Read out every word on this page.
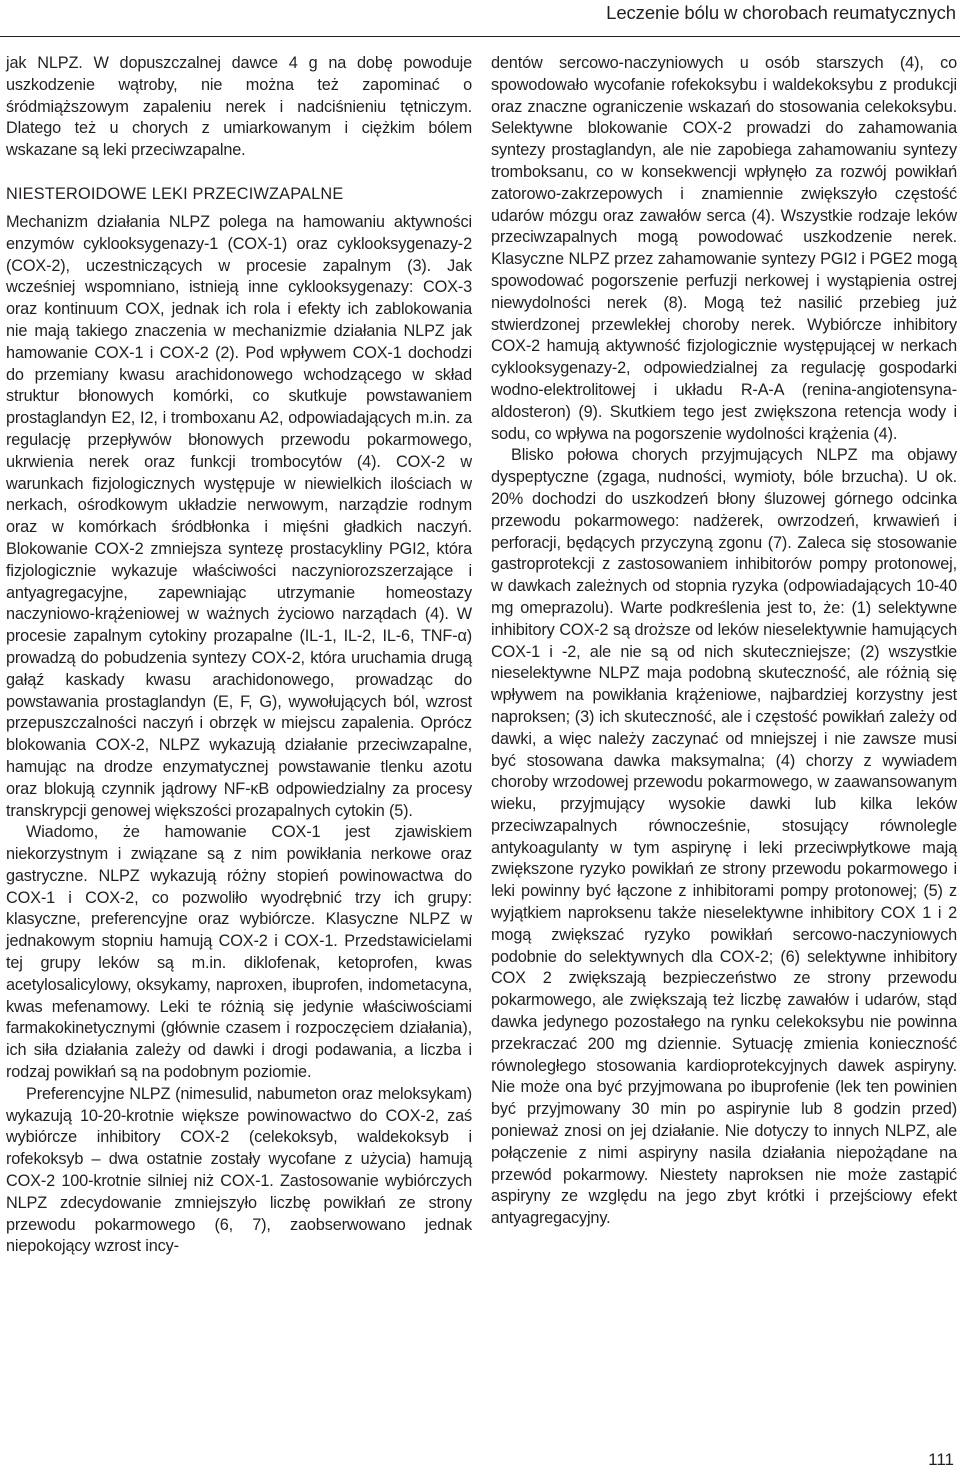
Leczenie bólu w chorobach reumatycznych

jak NLPZ. W dopuszczalnej dawce 4 g na dobę powoduje uszkodzenie wątroby, nie można też zapominać o śródmiąższowym zapaleniu nerek i nadciśnieniu tętniczym. Dlatego też u chorych z umiarkowanym i ciężkim bólem wskazane są leki przeciwzapalne.

NIESTEROIDOWE LEKI PRZECIWZAPALNE

Mechanizm działania NLPZ polega na hamowaniu aktywności enzymów cyklooksygenazy-1 (COX-1) oraz cyklooksygenazy-2 (COX-2), uczestniczących w procesie zapalnym (3). Jak wcześniej wspomniano, istnieją inne cyklooksygenazy: COX-3 oraz kontinuum COX, jednak ich rola i efekty ich zablokowania nie mają takiego znaczenia w mechanizmie działania NLPZ jak hamowanie COX-1 i COX-2 (2). Pod wpływem COX-1 dochodzi do przemiany kwasu arachidonowego wchodzącego w skład struktur błonowych komórki, co skutkuje powstawaniem prostaglandyn E2, I2, i tromboxanu A2, odpowiadających m.in. za regulację przepływów błonowych przewodu pokarmowego, ukrwienia nerek oraz funkcji trombocytów (4). COX-2 w warunkach fizjologicznych występuje w niewielkich ilościach w nerkach, ośrodkowym układzie nerwowym, narządzie rodnym oraz w komórkach śródbłonka i mięśni gładkich naczyń. Blokowanie COX-2 zmniejsza syntezę prostacykliny PGI2, która fizjologicznie wykazuje właściwości naczyniorozszerzające i antyagregacyjne, zapewniając utrzymanie homeostazy naczyniowo-krążeniowej w ważnych życiowo narządach (4). W procesie zapalnym cytokiny prozapalne (IL-1, IL-2, IL-6, TNF-α) prowadzą do pobudzenia syntezy COX-2, która uruchamia drugą gałąź kaskady kwasu arachidonowego, prowadząc do powstawania prostaglandyn (E, F, G), wywołujących ból, wzrost przepuszczalności naczyń i obrzęk w miejscu zapalenia. Oprócz blokowania COX-2, NLPZ wykazują działanie przeciwzapalne, hamując na drodze enzymatycznej powstawanie tlenku azotu oraz blokują czynnik jądrowy NF-κB odpowiedzialny za procesy transkrypcji genowej większości prozapalnych cytokin (5).

Wiadomo, że hamowanie COX-1 jest zjawiskiem niekorzystnym i związane są z nim powikłania nerkowe oraz gastryczne. NLPZ wykazują różny stopień powinowactwa do COX-1 i COX-2, co pozwoliło wyodrębnić trzy ich grupy: klasyczne, preferencyjne oraz wybiórcze. Klasyczne NLPZ w jednakowym stopniu hamują COX-2 i COX-1. Przedstawicielami tej grupy leków są m.in. diklofenak, ketoprofen, kwas acetylosalicylowy, oksykamy, naproxen, ibuprofen, indometacyna, kwas mefenamowy. Leki te różnią się jedynie właściwościami farmakokinetycznymi (głównie czasem i rozpoczęciem działania), ich siła działania zależy od dawki i drogi podawania, a liczba i rodzaj powikłań są na podobnym poziomie.

Preferencyjne NLPZ (nimesulid, nabumeton oraz meloksykam) wykazują 10-20-krotnie większe powinowactwo do COX-2, zaś wybiórcze inhibitory COX-2 (celekoksyb, waldekoksyb i rofekoksyb – dwa ostatnie zostały wycofane z użycia) hamują COX-2 100-krotnie silniej niż COX-1. Zastosowanie wybiórczych NLPZ zdecydowanie zmniejszyło liczbę powikłań ze strony przewodu pokarmowego (6, 7), zaobserwowano jednak niepokojący wzrost incy-

dentów sercowo-naczyniowych u osób starszych (4), co spowodowało wycofanie rofekoksybu i waldekoksybu z produkcji oraz znaczne ograniczenie wskazań do stosowania celekoksybu. Selektywne blokowanie COX-2 prowadzi do zahamowania syntezy prostaglandyn, ale nie zapobiega zahamowaniu syntezy tromboksanu, co w konsekwencji wpłynęło za rozwój powikłań zatorowo-zakrzepowych i znamiennie zwiększyło częstość udarów mózgu oraz zawałów serca (4). Wszystkie rodzaje leków przeciwzapalnych mogą powodować uszkodzenie nerek. Klasyczne NLPZ przez zahamowanie syntezy PGI2 i PGE2 mogą spowodować pogorszenie perfuzji nerkowej i wystąpienia ostrej niewydolności nerek (8). Mogą też nasilić przebieg już stwierdzonej przewlekłej choroby nerek. Wybiórcze inhibitory COX-2 hamują aktywność fizjologicznie występującej w nerkach cyklooksygenazy-2, odpowiedzialnej za regulację gospodarki wodno-elektrolitowej i układu R-A-A (renina-angiotensyna-aldosteron) (9). Skutkiem tego jest zwiększona retencja wody i sodu, co wpływa na pogorszenie wydolności krążenia (4).

Blisko połowa chorych przyjmujących NLPZ ma objawy dyspeptyczne (zgaga, nudności, wymioty, bóle brzucha). U ok. 20% dochodzi do uszkodzeń błony śluzowej górnego odcinka przewodu pokarmowego: nadżerek, owrzodzeń, krwawień i perforacji, będących przyczyną zgonu (7). Zaleca się stosowanie gastroprotekcji z zastosowaniem inhibitorów pompy protonowej, w dawkach zależnych od stopnia ryzyka (odpowiadających 10-40 mg omeprazolu). Warte podkreślenia jest to, że: (1) selektywne inhibitory COX-2 są droższe od leków nieselektywnie hamujących COX-1 i -2, ale nie są od nich skuteczniejsze; (2) wszystkie nieselektywne NLPZ maja podobną skuteczność, ale różnią się wpływem na powikłania krążeniowe, najbardziej korzystny jest naproksen; (3) ich skuteczność, ale i częstość powikłań zależy od dawki, a więc należy zaczynać od mniejszej i nie zawsze musi być stosowana dawka maksymalna; (4) chorzy z wywiadem choroby wrzodowej przewodu pokarmowego, w zaawansowanym wieku, przyjmujący wysokie dawki lub kilka leków przeciwzapalnych równocześnie, stosujący równolegle antykoagulanty w tym aspirynę i leki przeciwpłytkowe mają zwiększone ryzyko powikłań ze strony przewodu pokarmowego i leki powinny być łączone z inhibitorami pompy protonowej; (5) z wyjątkiem naproksenu także nieselektywne inhibitory COX 1 i 2 mogą zwiększać ryzyko powikłań sercowo-naczyniowych podobnie do selektywnych dla COX-2; (6) selektywne inhibitory COX 2 zwiększają bezpieczeństwo ze strony przewodu pokarmowego, ale zwiększają też liczbę zawałów i udarów, stąd dawka jedynego pozostałego na rynku celekoksybu nie powinna przekraczać 200 mg dziennie. Sytuację zmienia konieczność równoległego stosowania kardioprotekcyjnych dawek aspiryny. Nie może ona być przyjmowana po ibuprofenie (lek ten powinien być przyjmowany 30 min po aspirynie lub 8 godzin przed) ponieważ znosi on jej działanie. Nie dotyczy to innych NLPZ, ale połączenie z nimi aspiryny nasila działania niepożądane na przewód pokarmowy. Niestety naproksen nie może zastąpić aspiryny ze względu na jego zbyt krótki i przejściowy efekt antyagregacyjny.

111
